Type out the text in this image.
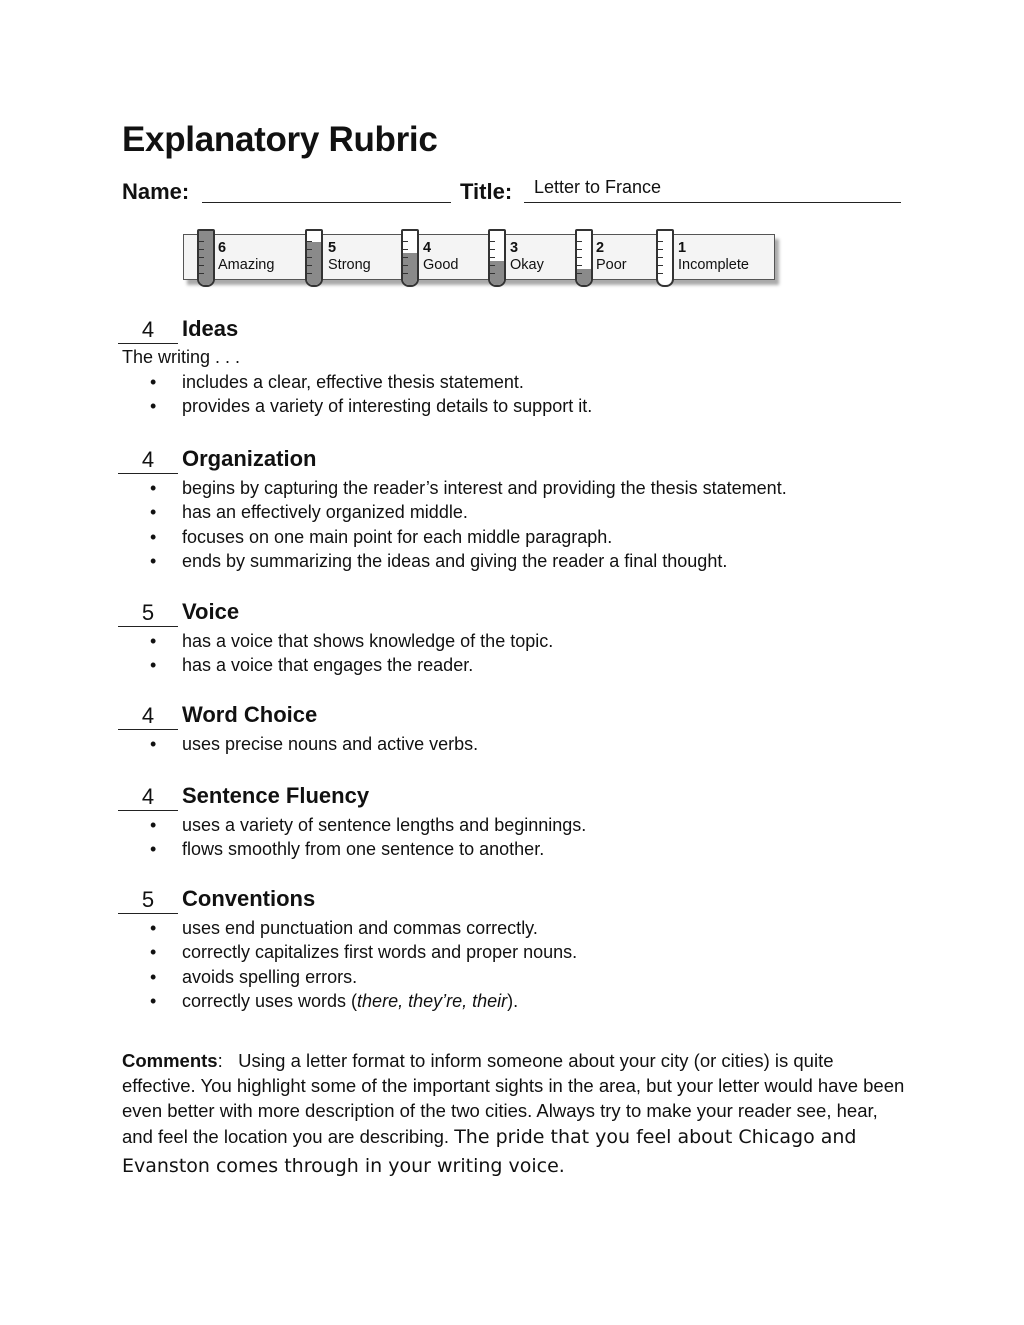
Explanatory Rubric
Name:	Title: Letter to France
6
Amazing
5
Strong
4
Good
3
Okay
2
Poor
1
Incomplete
4	Ideas
The writing . . .
• includes a clear, effective thesis statement.
• provides a variety of interesting details to support it.
4	Organization
• begins by capturing the reader’s interest and providing the thesis statement.
• has an effectively organized middle.
• focuses on one main point for each middle paragraph.
• ends by summarizing the ideas and giving the reader a final thought.
5	Voice
• has a voice that shows knowledge of the topic.
• has a voice that engages the reader.
4	Word Choice
• uses precise nouns and active verbs.
4	Sentence Fluency
• uses a variety of sentence lengths and beginnings.
• flows smoothly from one sentence to another.
5	Conventions
• uses end punctuation and commas correctly.
• correctly capitalizes first words and proper nouns.
• avoids spelling errors.
• correctly uses words (there, they’re, their).

Comments:   Using a letter format to inform someone about your city (or cities) is quite effective. You highlight some of the important sights in the area, but your letter would have been even better with more description of the two cities. Always try to make your reader see, hear, and feel the location you are describing. The pride that you feel about Chicago and Evanston comes through in your writing voice.
